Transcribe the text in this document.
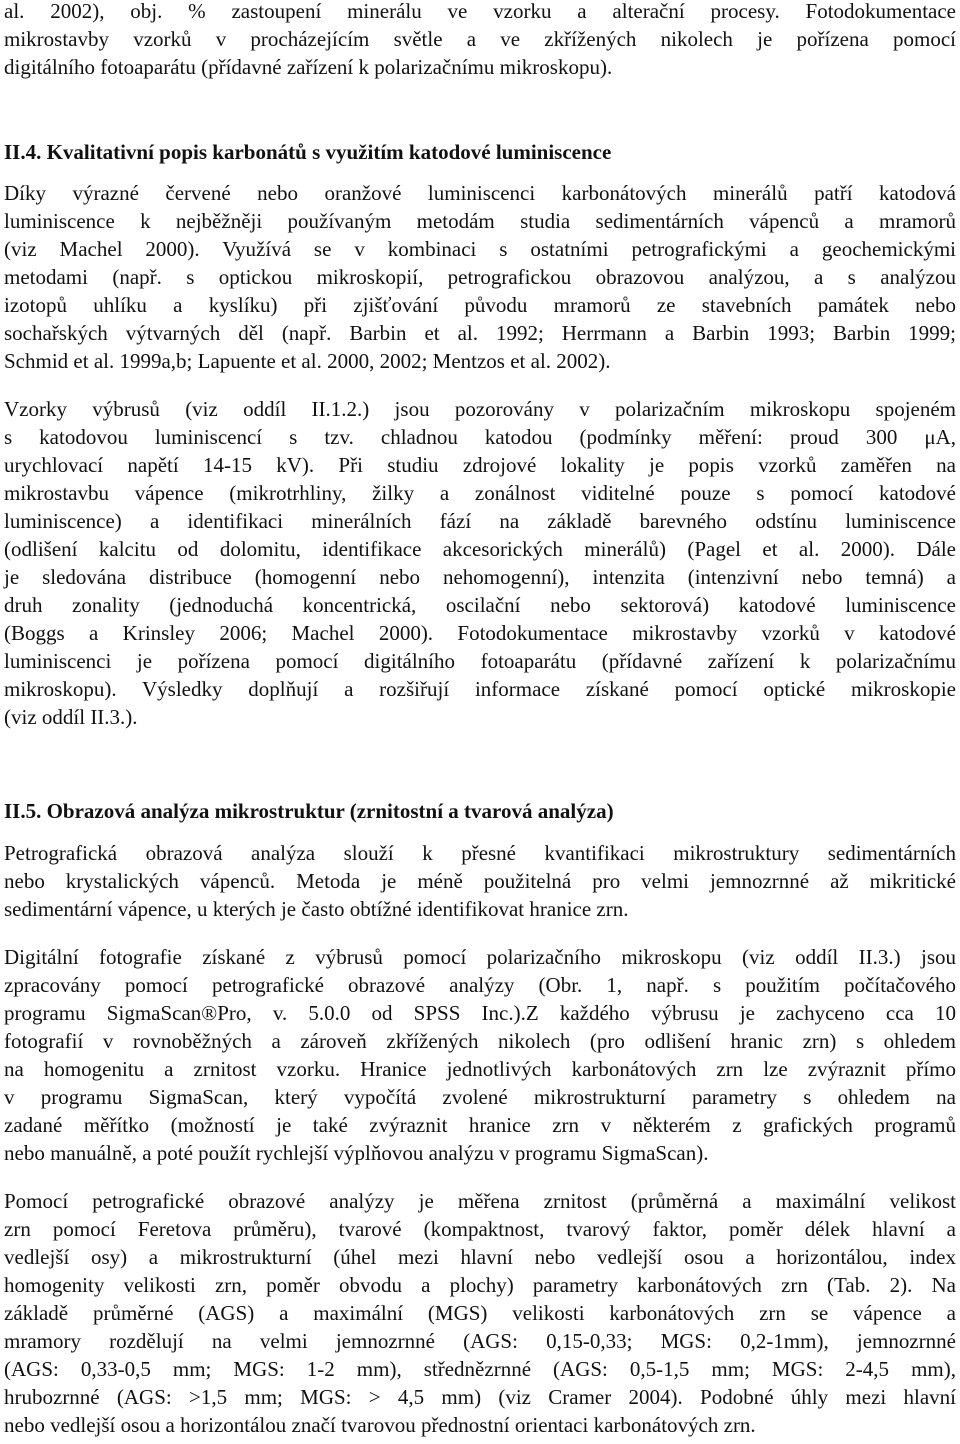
al. 2002), obj. % zastoupení minerálu ve vzorku a alterační procesy. Fotodokumentace
mikrostavby vzorků v procházejícím světle a ve zkřížených nikolech je pořízena pomocí
digitálního fotoaparátu (přídavné zařízení k polarizačnímu mikroskopu).
II.4. Kvalitativní popis karbonátů s využitím katodové luminiscence
Díky výrazné červené nebo oranžové luminiscenci karbonátových minerálů patří katodová
luminiscence k nejběžněji používaným metodám studia sedimentárních vápenců a mramorů
(viz Machel 2000). Využívá se v kombinaci s ostatními petrografickými a geochemickými
metodami (např. s optickou mikroskopií, petrografickou obrazovou analýzou, a s analýzou
izotopů uhlíku a kyslíku) při zjišťování původu mramorů ze stavebních památek nebo
sochařských výtvarných děl (např. Barbin et al. 1992; Herrmann a Barbin 1993; Barbin 1999;
Schmid et al. 1999a,b; Lapuente et al. 2000, 2002; Mentzos et al. 2002).
Vzorky výbrusů (viz oddíl II.1.2.) jsou pozorovány v polarizačním mikroskopu spojeném
s katodovou luminiscencí s tzv. chladnou katodou (podmínky měření: proud 300 μA,
urychlovací napětí 14-15 kV). Při studiu zdrojové lokality je popis vzorků zaměřen na
mikrostavbu vápence (mikrotrhliny, žilky a zonálnost viditelné pouze s pomocí katodové
luminiscence) a identifikaci minerálních fází na základě barevného odstínu luminiscence
(odlišení kalcitu od dolomitu, identifikace akcesorických minerálů) (Pagel et al. 2000). Dále
je sledována distribuce (homogenní nebo nehomogenní), intenzita (intenzivní nebo temná) a
druh zonality (jednoduchá koncentrická, oscilační nebo sektorová) katodové luminiscence
(Boggs a Krinsley 2006; Machel 2000). Fotodokumentace mikrostavby vzorků v katodové
luminiscenci je pořízena pomocí digitálního fotoaparátu (přídavné zařízení k polarizačnímu
mikroskopu). Výsledky doplňují a rozšiřují informace získané pomocí optické mikroskopie
(viz oddíl II.3.).
II.5. Obrazová analýza mikrostruktur (zrnitostní a tvarová analýza)
Petrografická obrazová analýza slouží k přesné kvantifikaci mikrostruktury sedimentárních
nebo krystalických vápenců. Metoda je méně použitelná pro velmi jemnozrnné až mikritické
sedimentární vápence, u kterých je často obtížné identifikovat hranice zrn.
Digitální fotografie získané z výbrusů pomocí polarizačního mikroskopu (viz oddíl II.3.) jsou
zpracovány pomocí petrografické obrazové analýzy (Obr. 1, např. s použitím počítačového
programu SigmaScan®Pro, v. 5.0.0 od SPSS Inc.).Z každého výbrusu je zachyceno cca 10
fotografií v rovnoběžných a zároveň zkřížených nikolech (pro odlišení hranic zrn) s ohledem
na homogenitu a zrnitost vzorku. Hranice jednotlivých karbonátových zrn lze zvýraznit přímo
v programu SigmaScan, který vypočítá zvolené mikrostrukturní parametry s ohledem na
zadané měřítko (možností je také zvýraznit hranice zrn v některém z grafických programů
nebo manuálně, a poté použít rychlejší výplňovou analýzu v programu SigmaScan).
Pomocí petrografické obrazové analýzy je měřena zrnitost (průměrná a maximální velikost
zrn pomocí Feretova průměru), tvarové (kompaktnost, tvarový faktor, poměr délek hlavní a
vedlejší osy) a mikrostrukturní (úhel mezi hlavní nebo vedlejší osou a horizontálou, index
homogenity velikosti zrn, poměr obvodu a plochy) parametry karbonátových zrn (Tab. 2). Na
základě průměrné (AGS) a maximální (MGS) velikosti karbonátových zrn se vápence a
mramory rozdělují na velmi jemnozrnné (AGS: 0,15-0,33; MGS: 0,2-1mm), jemnozrnné
(AGS: 0,33-0,5 mm; MGS: 1-2 mm), střednězrnné (AGS: 0,5-1,5 mm; MGS: 2-4,5 mm),
hrubozrnné (AGS: >1,5 mm; MGS: > 4,5 mm) (viz Cramer 2004). Podobné úhly mezi hlavní
nebo vedlejší osou a horizontálou značí tvarovou přednostní orientaci karbonátových zrn.
